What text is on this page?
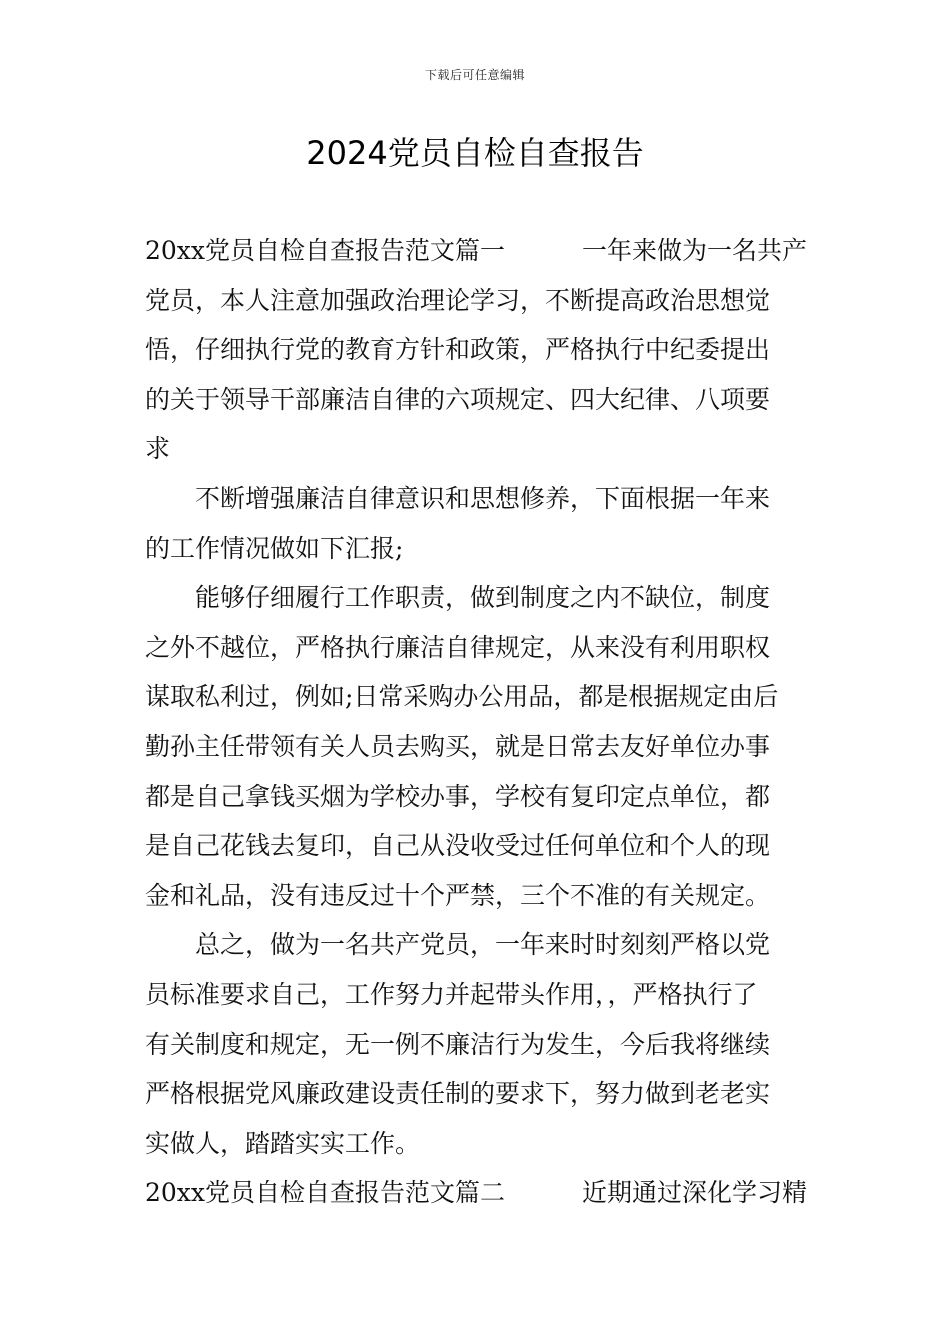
下载后可任意编辑
2024党员自检自查报告
20xx党员自检自查报告范文篇一	一年来做为一名共产
党员，本人注意加强政治理论学习，不断提高政治思想觉
悟，仔细执行党的教育方针和政策，严格执行中纪委提出
的关于领导干部廉洁自律的六项规定、四大纪律、八项要
求
不断增强廉洁自律意识和思想修养，下面根据一年来
的工作情况做如下汇报;
能够仔细履行工作职责，做到制度之内不缺位，制度
之外不越位，严格执行廉洁自律规定，从来没有利用职权
谋取私利过，例如;日常采购办公用品，都是根据规定由后
勤孙主任带领有关人员去购买，就是日常去友好单位办事
都是自己拿钱买烟为学校办事，学校有复印定点单位，都
是自己花钱去复印，自己从没收受过任何单位和个人的现
金和礼品，没有违反过十个严禁，三个不准的有关规定。
总之，做为一名共产党员，一年来时时刻刻严格以党
员标准要求自己，工作努力并起带头作用，，严格执行了
有关制度和规定，无一例不廉洁行为发生，今后我将继续
严格根据党风廉政建设责任制的要求下，努力做到老老实
实做人，踏踏实实工作。
20xx党员自检自查报告范文篇二	近期通过深化学习精
